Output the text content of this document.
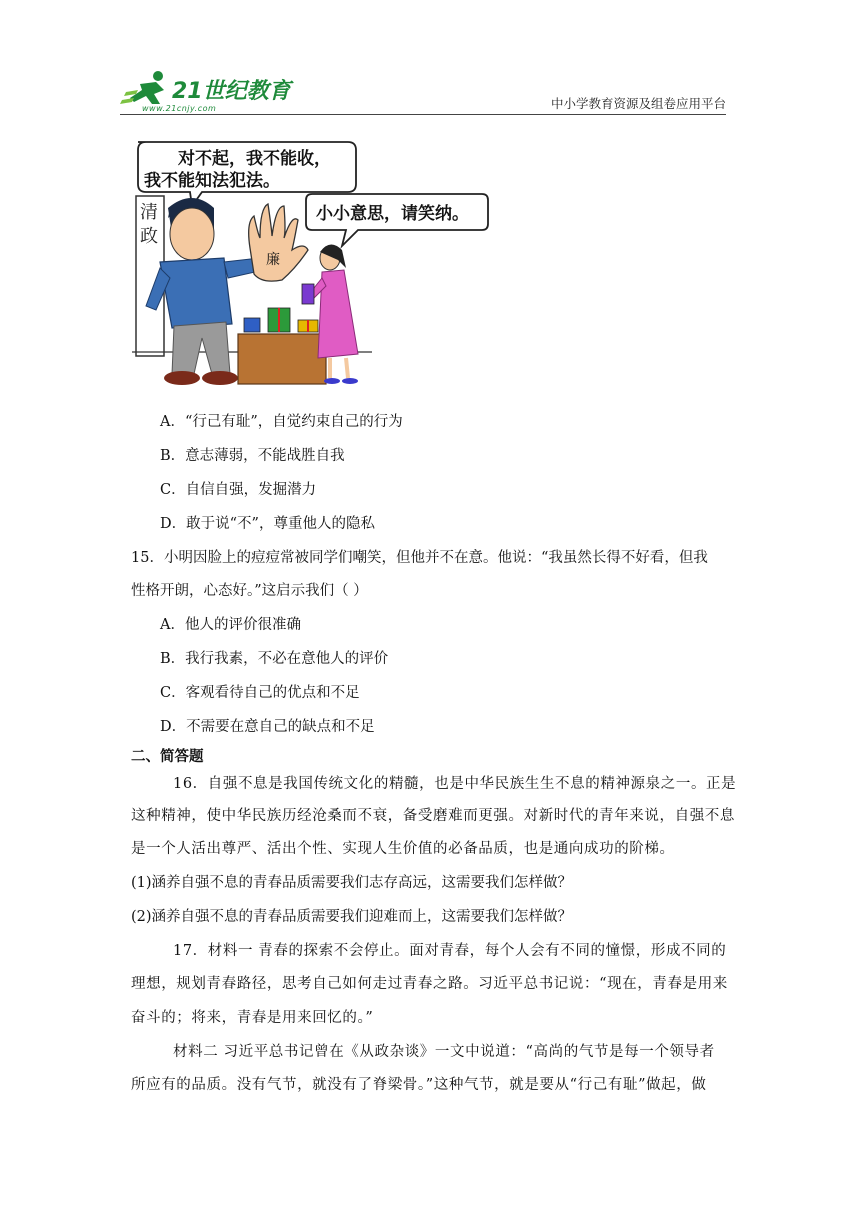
21世纪教育
www.21cnjy.com	中小学教育资源及组卷应用平台
清
政
对不起，我不能收，
我不能知法犯法。
小小意思，请笑纳。
廉
A．“行己有耻”，自觉约束自己的行为
B．意志薄弱，不能战胜自我
C．自信自强，发掘潜力
D．敢于说“不”，尊重他人的隐私
15．小明因脸上的痘痘常被同学们嘲笑，但他并不在意。他说：“我虽然长得不好看，但我
性格开朗，心态好。”这启示我们（ ）
A．他人的评价很准确
B．我行我素，不必在意他人的评价
C．客观看待自己的优点和不足
D．不需要在意自己的缺点和不足
二、简答题
16．自强不息是我国传统文化的精髓，也是中华民族生生不息的精神源泉之一。正是
这种精神，使中华民族历经沧桑而不衰，备受磨难而更强。对新时代的青年来说，自强不息
是一个人活出尊严、活出个性、实现人生价值的必备品质，也是通向成功的阶梯。
(1)涵养自强不息的青春品质需要我们志存高远，这需要我们怎样做？
(2)涵养自强不息的青春品质需要我们迎难而上，这需要我们怎样做？
17．材料一 青春的探索不会停止。面对青春，每个人会有不同的憧憬，形成不同的
理想，规划青春路径，思考自己如何走过青春之路。习近平总书记说：“现在，青春是用来
奋斗的；将来，青春是用来回忆的。”
材料二 习近平总书记曾在《从政杂谈》一文中说道：“高尚的气节是每一个领导者
所应有的品质。没有气节，就没有了脊梁骨。”这种气节，就是要从“行己有耻”做起，做
